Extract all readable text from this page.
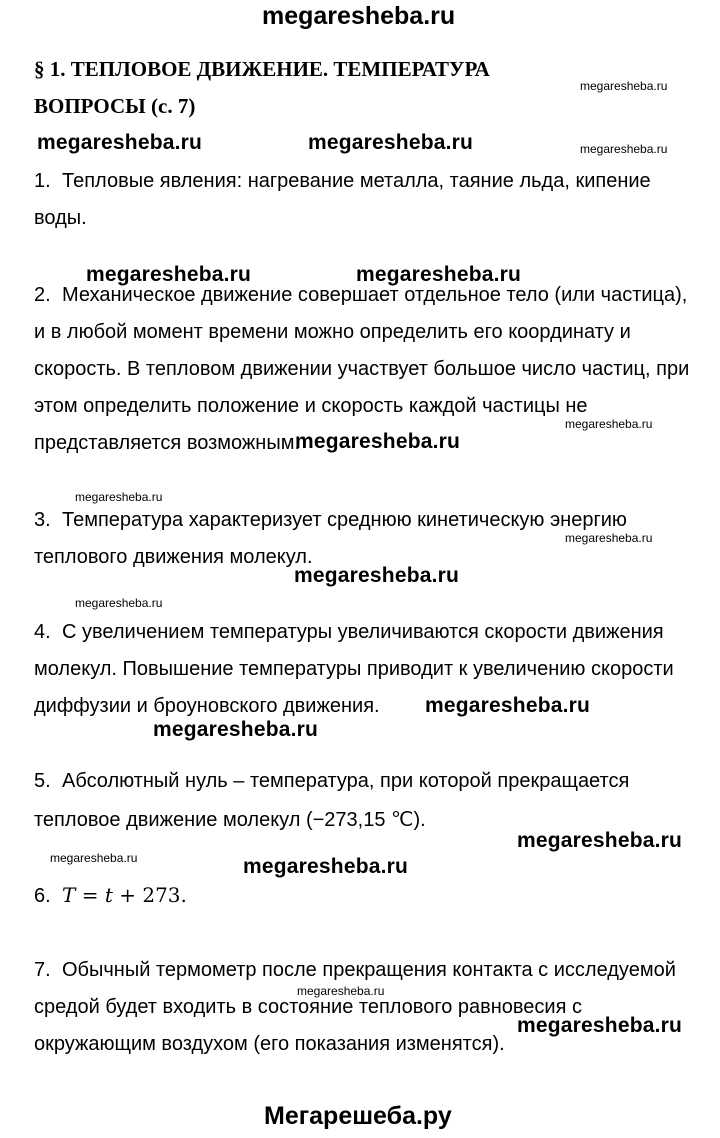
megaresheba.ru
Мегарешеба.ру
§ 1. ТЕПЛОВОЕ ДВИЖЕНИЕ. ТЕМПЕРАТУРА
ВОПРОСЫ (с. 7)
megaresheba.ru
megaresheba.ru	megaresheba.ru	megaresheba.ru
megaresheba.ru	megaresheba.ru
megaresheba.ru
megaresheba.ru
megaresheba.ru
megaresheba.ru
megaresheba.ru
megaresheba.ru
megaresheba.ru
megaresheba.ru
megaresheba.ru
megaresheba.ru	megaresheba.ru
megaresheba.ru
megaresheba.ru
1. Тепловые явления: нагревание металла, таяние льда, кипение
воды.
2. Механическое движение совершает отдельное тело (или частица),
и в любой момент времени можно определить его координату и
скорость. В тепловом движении участвует большое число частиц, при
этом определить положение и скорость каждой частицы не
представляется возможным.
3. Температура характеризует среднюю кинетическую энергию
теплового движения молекул.
4. С увеличением температуры увеличиваются скорости движения
молекул. Повышение температуры приводит к увеличению скорости
диффузии и броуновского движения.
5. Абсолютный нуль – температура, при которой прекращается
тепловое движение молекул (−273,15 ℃).
6. T = t + 273.
7. Обычный термометр после прекращения контакта с исследуемой
средой будет входить в состояние теплового равновесия с
окружающим воздухом (его показания изменятся).
